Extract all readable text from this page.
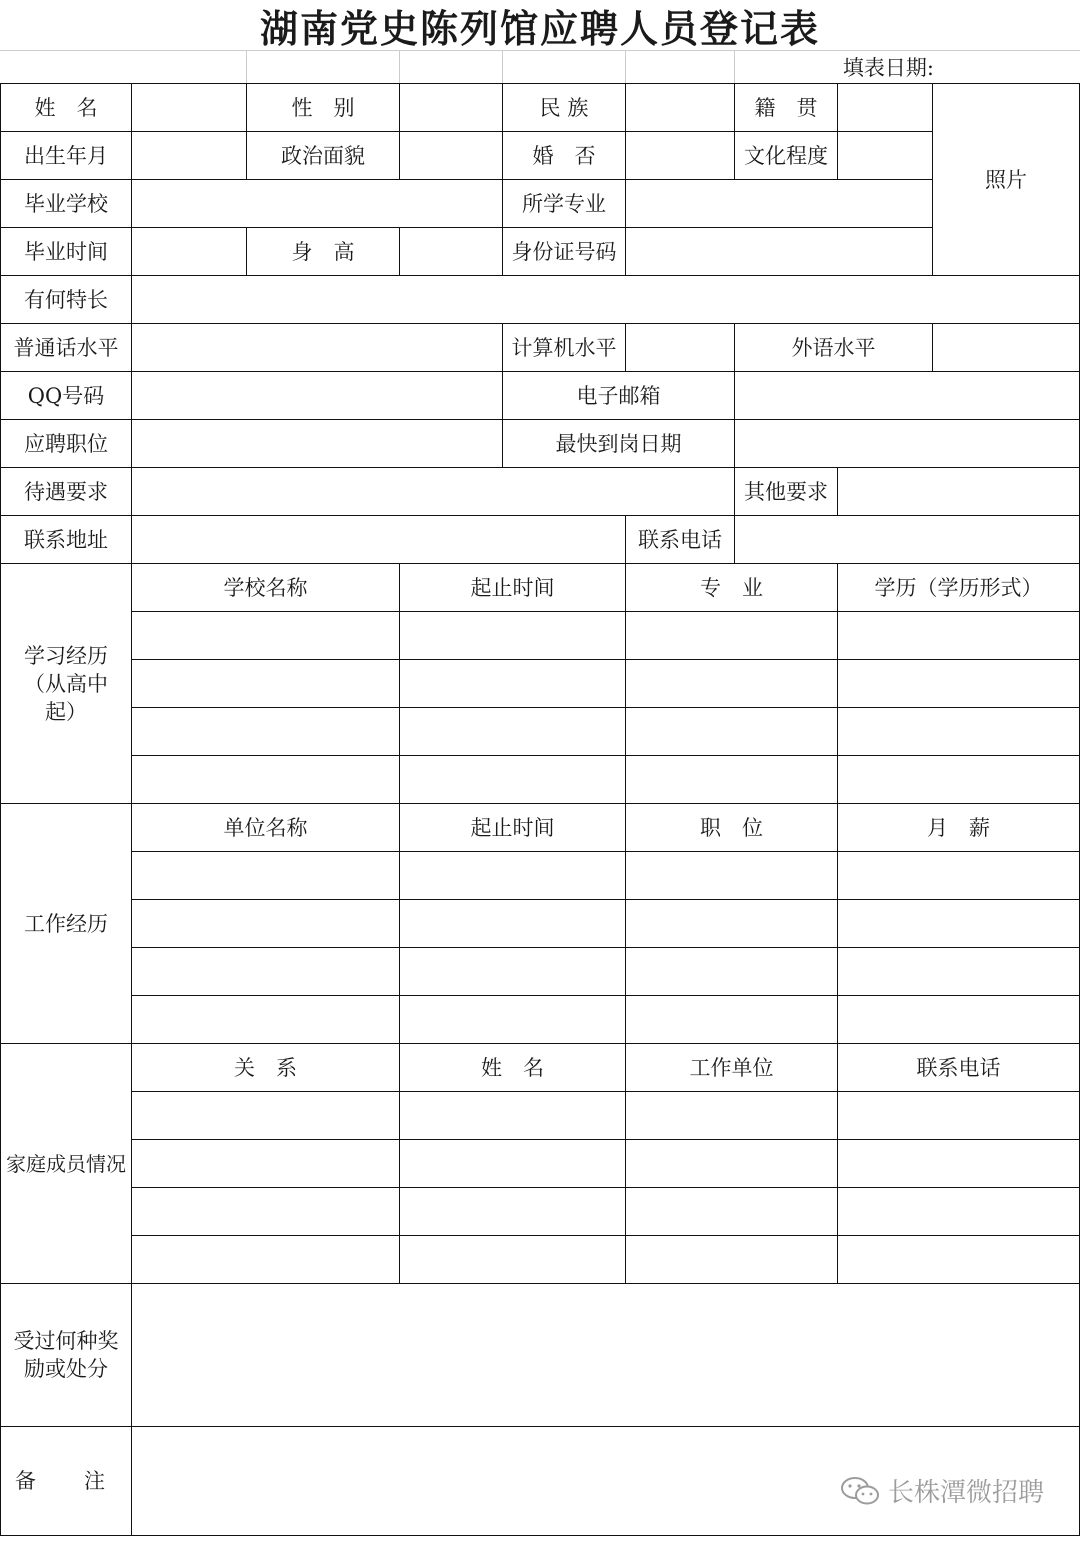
湖南党史陈列馆应聘人员登记表
填表日期:
姓　名		性　别		民 族		籍　贯		照片
出生年月		政治面貌		婚　否		文化程度		
毕业学校				所学专业				
毕业时间		身　高		身份证号码				
有何特长								
普通话水平				计算机水平		外语水平		
QQ号码				电子邮箱				
应聘职位				最快到岗日期				
待遇要求						其他要求		
联系地址					联系电话			
学习经历（从高中起）	学校名称		起止时间		专　业		学历（学历形式）	

工作经历	单位名称		起止时间		职　位		月　薪	

家庭成员情况	关　系		姓　名		工作单位		联系电话	

受过何种奖励或处分								
备　　注									长株潭微招聘
